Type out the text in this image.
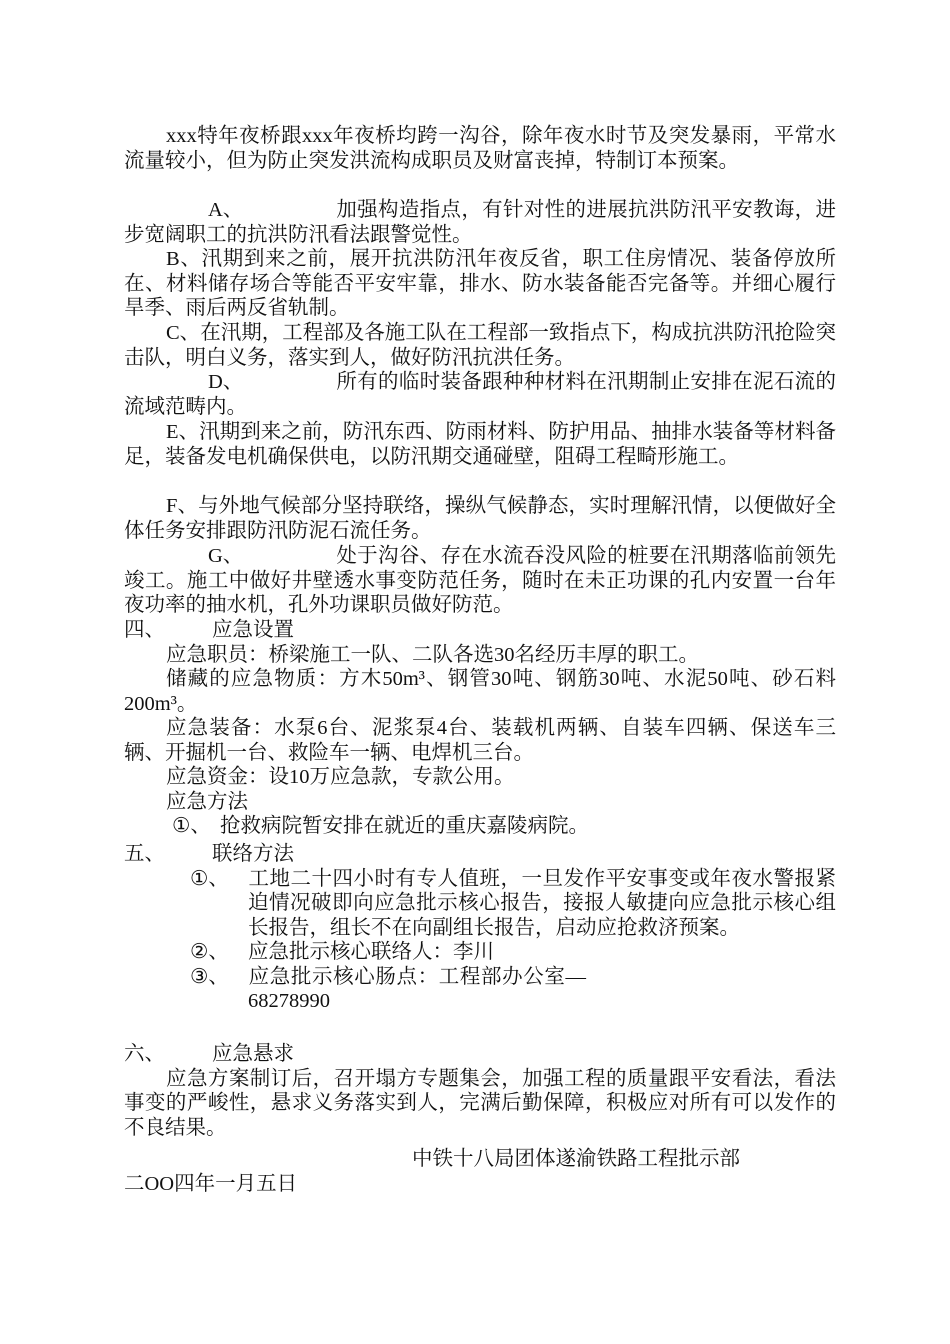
xxx特年夜桥跟xxx年夜桥均跨一沟谷，除年夜水时节及突发暴雨，平常水流量较小，但为防止突发洪流构成职员及财富丧掉，特制订本预案。

A、	加强构造指点，有针对性的进展抗洪防汛平安教诲，进步宽阔职工的抗洪防汛看法跟警觉性。

B、汛期到来之前，展开抗洪防汛年夜反省，职工住房情况、装备停放所在、材料储存场合等能否平安牢靠，排水、防水装备能否完备等。并细心履行旱季、雨后两反省轨制。

C、在汛期，工程部及各施工队在工程部一致指点下，构成抗洪防汛抢险突击队，明白义务，落实到人，做好防汛抗洪任务。

D、	所有的临时装备跟种种材料在汛期制止安排在泥石流的流域范畴内。

E、汛期到来之前，防汛东西、防雨材料、防护用品、抽排水装备等材料备足，装备发电机确保供电，以防汛期交通碰壁，阻碍工程畸形施工。

F、与外地气候部分坚持联络，操纵气候静态，实时理解汛情，以便做好全体任务安排跟防汛防泥石流任务。

G、	处于沟谷、存在水流吞没风险的桩要在汛期落临前领先竣工。施工中做好井壁透水事变防范任务，随时在未正功课的孔内安置一台年夜功率的抽水机，孔外功课职员做好防范。

四、 应急设置

应急职员：桥梁施工一队、二队各选30名经历丰厚的职工。

储藏的应急物质：方木50m³、钢管30吨、钢筋30吨、水泥50吨、砂石料200m³。

应急装备：水泵6台、泥浆泵4台、装载机两辆、自装车四辆、保送车三辆、开掘机一台、救险车一辆、电焊机三台。

应急资金：设10万应急款，专款公用。

应急方法

①、 抢救病院暂安排在就近的重庆嘉陵病院。

五、 联络方法

①、 工地二十四小时有专人值班，一旦发作平安事变或年夜水警报紧迫情况破即向应急批示核心报告，接报人敏捷向应急批示核心组长报告，组长不在向副组长报告，启动应抢救济预案。

②、 应急批示核心联络人：李川

③、 应急批示核心肠点：工程部办公室—68278990

六、 应急悬求

应急方案制订后，召开塌方专题集会，加强工程的质量跟平安看法，看法事变的严峻性，悬求义务落实到人，完满后勤保障，积极应对所有可以发作的不良结果。

中铁十八局团体遂渝铁路工程批示部
二OO四年一月五日
